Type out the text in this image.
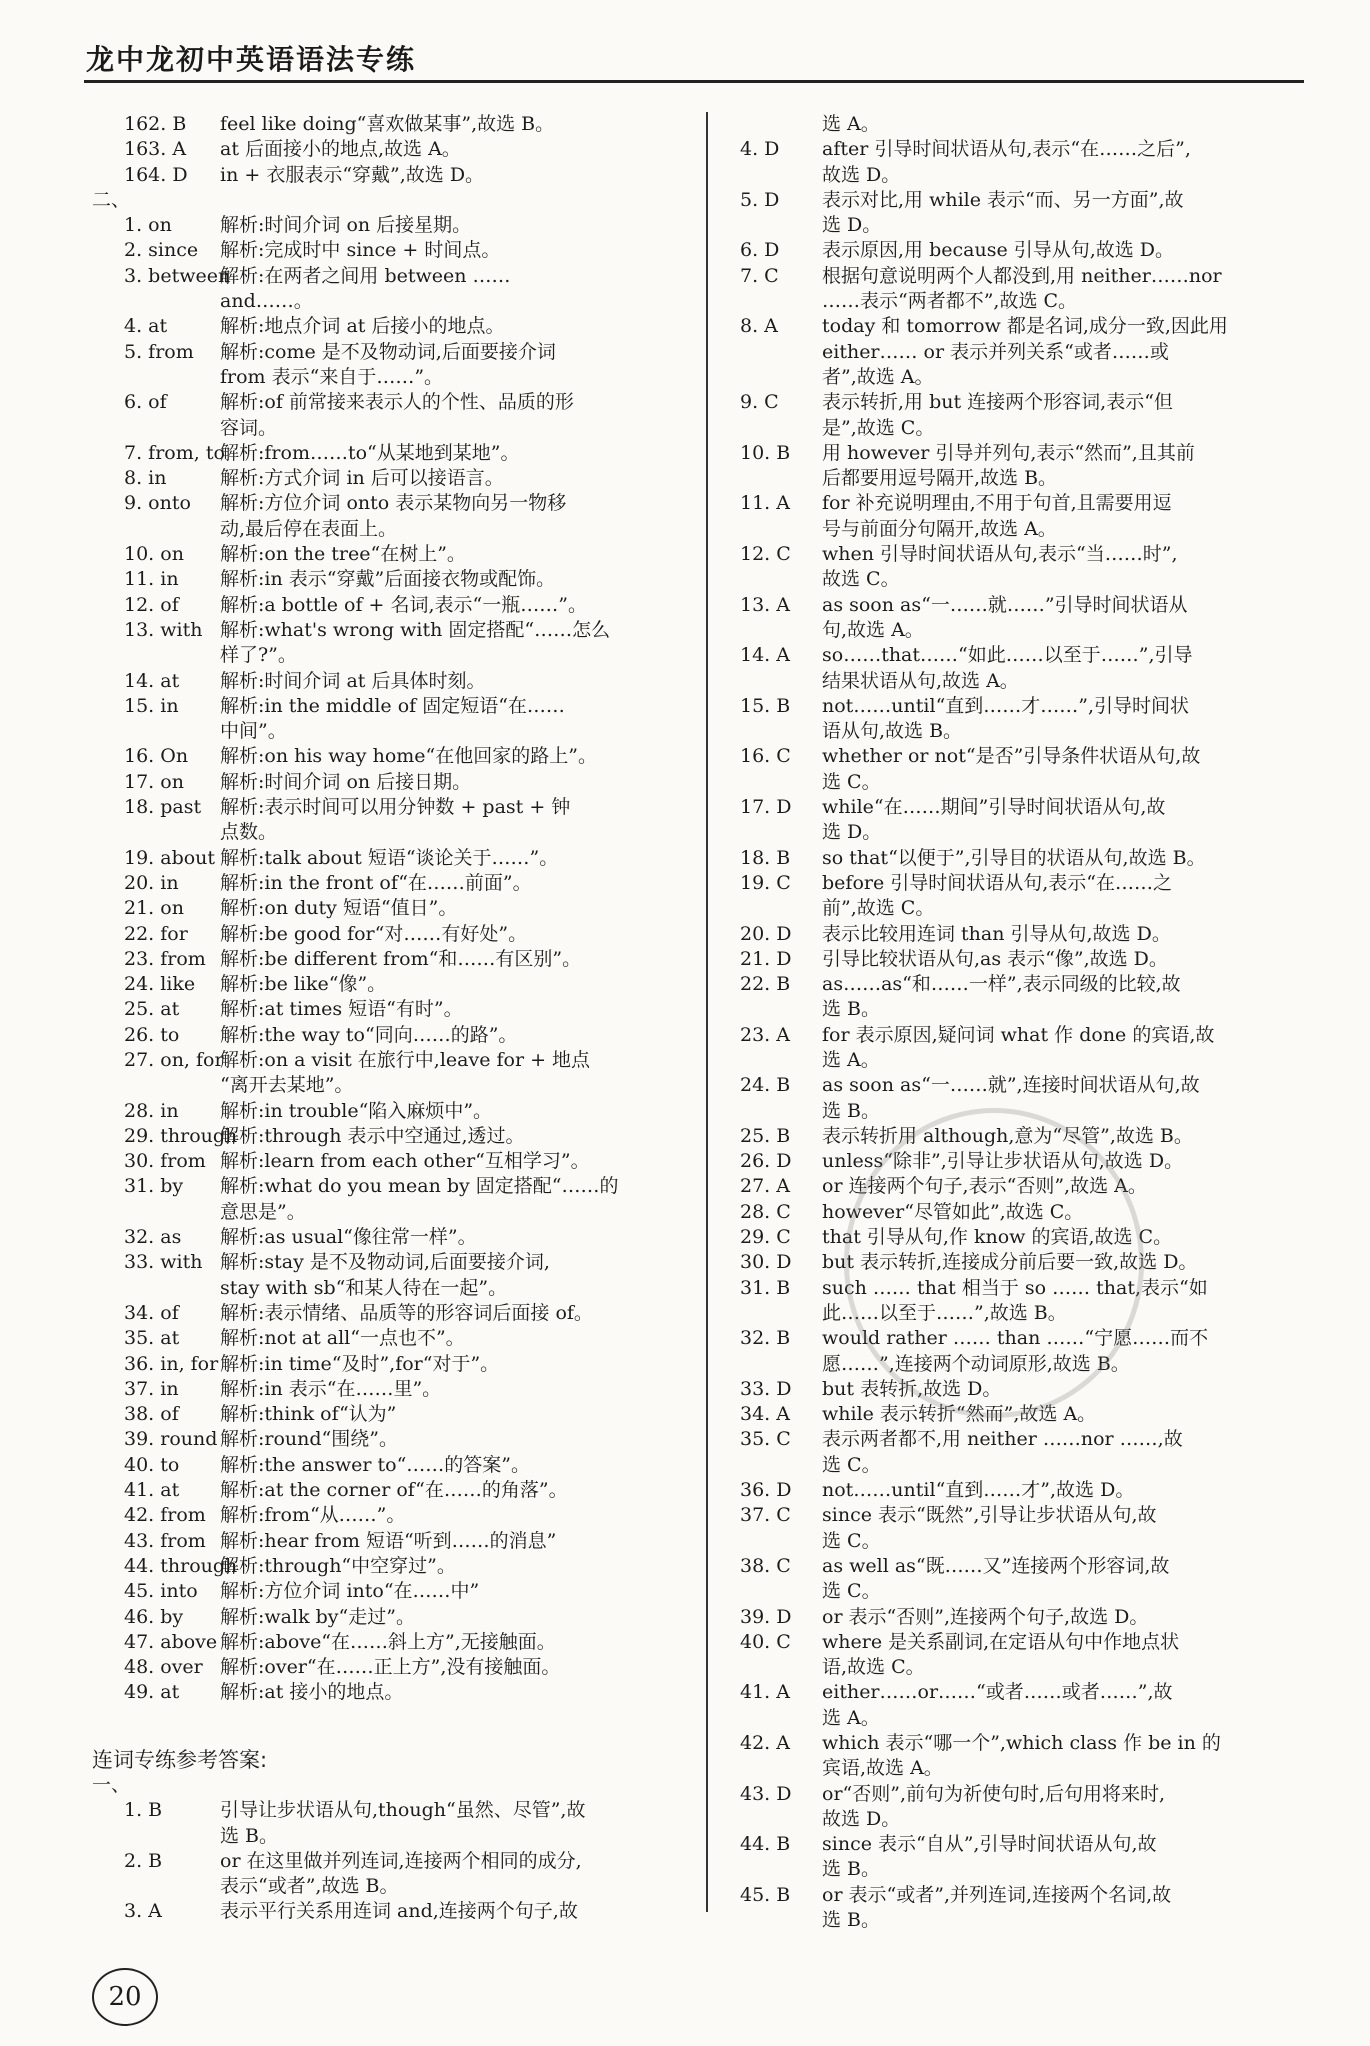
龙中龙初中英语语法专练
162. B feel like doing“喜欢做某事”,故选 B。
163. A at 后面接小的地点,故选 A。
164. D in + 衣服表示“穿戴”,故选 D。
二、
1. on	解析:时间介词 on 后接星期。
2. since 解析:完成时中 since + 时间点。
3. between解析:在两者之间用 between ……
and……。
4. at	解析:地点介词 at 后接小的地点。
5. from 解析:come 是不及物动词,后面要接介词
from 表示“来自于……”。
6. of	解析:of 前常接来表示人的个性、品质的形
容词。
7. from, to解析:from……to“从某地到某地”。
8. in	解析:方式介词 in 后可以接语言。
9. onto 解析:方位介词 onto 表示某物向另一物移
动,最后停在表面上。
10. on 解析:on the tree“在树上”。
11. in 解析:in 表示“穿戴”后面接衣物或配饰。
12. of 解析:a bottle of + 名词,表示“一瓶……”。
13. with 解析:what's wrong with 固定搭配“……怎么
样了?”。
14. at 解析:时间介词 at 后具体时刻。
15. in 解析:in the middle of 固定短语“在……
中间”。
16. On 解析:on his way home“在他回家的路上”。
17. on 解析:时间介词 on 后接日期。
18. past 解析:表示时间可以用分钟数 + past + 钟
点数。
19. about 解析:talk about 短语“谈论关于……”。
20. in 解析:in the front of“在……前面”。
21. on 解析:on duty 短语“值日”。
22. for 解析:be good for“对……有好处”。
23. from 解析:be different from“和……有区别”。
24. like 解析:be like“像”。
25. at 解析:at times 短语“有时”。
26. to 解析:the way to“同向……的路”。
27. on, for解析:on a visit 在旅行中,leave for + 地点
“离开去某地”。
28. in 解析:in trouble“陷入麻烦中”。
29. through解析:through 表示中空通过,透过。
30. from 解析:learn from each other“互相学习”。
31. by 解析:what do you mean by 固定搭配“……的
意思是”。
32. as 解析:as usual“像往常一样”。
33. with 解析:stay 是不及物动词,后面要接介词,
stay with sb“和某人待在一起”。
34. of 解析:表示情绪、品质等的形容词后面接 of。
35. at 解析:not at all“一点也不”。
36. in, for解析:in time“及时”,for“对于”。
37. in 解析:in 表示“在……里”。
38. of 解析:think of“认为”
39. round 解析:round“围绕”。
40. to 解析:the answer to“……的答案”。
41. at 解析:at the corner of“在……的角落”。
42. from 解析:from“从……”。
43. from 解析:hear from 短语“听到……的消息”
44. through解析:through“中空穿过”。
45. into 解析:方位介词 into“在……中”
46. by 解析:walk by“走过”。
47. above 解析:above“在……斜上方”,无接触面。
48. over 解析:over“在……正上方”,没有接触面。
49. at 解析:at 接小的地点。
连词专练参考答案:
一、
1. B	引导让步状语从句,though“虽然、尽管”,故
选 B。
2. B	or 在这里做并列连词,连接两个相同的成分,
表示“或者”,故选 B。
3. A	表示平行关系用连词 and,连接两个句子,故
选 A。
4. D after 引导时间状语从句,表示“在……之后”,
故选 D。
5. D 表示对比,用 while 表示“而、另一方面”,故
选 D。
6. D 表示原因,用 because 引导从句,故选 D。
7. C 根据句意说明两个人都没到,用 neither……nor
……表示“两者都不”,故选 C。
8. A today 和 tomorrow 都是名词,成分一致,因此用
either…… or 表示并列关系“或者……或
者”,故选 A。
9. C 表示转折,用 but 连接两个形容词,表示“但
是”,故选 C。
10. B 用 however 引导并列句,表示“然而”,且其前
后都要用逗号隔开,故选 B。
11. A for 补充说明理由,不用于句首,且需要用逗
号与前面分句隔开,故选 A。
12. C when 引导时间状语从句,表示“当……时”,
故选 C。
13. A as soon as“一……就……”引导时间状语从
句,故选 A。
14. A so……that……“如此……以至于……”,引导
结果状语从句,故选 A。
15. B not……until“直到……才……”,引导时间状
语从句,故选 B。
16. C whether or not“是否”引导条件状语从句,故
选 C。
17. D while“在……期间”引导时间状语从句,故
选 D。
18. B so that“以便于”,引导目的状语从句,故选 B。
19. C before 引导时间状语从句,表示“在……之
前”,故选 C。
20. D 表示比较用连词 than 引导从句,故选 D。
21. D 引导比较状语从句,as 表示“像”,故选 D。
22. B as……as“和……一样”,表示同级的比较,故
选 B。
23. A for 表示原因,疑问词 what 作 done 的宾语,故
选 A。
24. B as soon as“一……就”,连接时间状语从句,故
选 B。
25. B 表示转折用 although,意为“尽管”,故选 B。
26. D unless“除非”,引导让步状语从句,故选 D。
27. A or 连接两个句子,表示“否则”,故选 A。
28. C however“尽管如此”,故选 C。
29. C that 引导从句,作 know 的宾语,故选 C。
30. D but 表示转折,连接成分前后要一致,故选 D。
31. B such …… that 相当于 so …… that,表示“如
此……以至于……”,故选 B。
32. B would rather …… than ……“宁愿……而不
愿……”,连接两个动词原形,故选 B。
33. D but 表转折,故选 D。
34. A while 表示转折“然而”,故选 A。
35. C 表示两者都不,用 neither ……nor ……,故
选 C。
36. D not……until“直到……才”,故选 D。
37. C since 表示“既然”,引导让步状语从句,故
选 C。
38. C as well as“既……又”连接两个形容词,故
选 C。
39. D or 表示“否则”,连接两个句子,故选 D。
40. C where 是关系副词,在定语从句中作地点状
语,故选 C。
41. A either……or……“或者……或者……”,故
选 A。
42. A which 表示“哪一个”,which class 作 be in 的
宾语,故选 A。
43. D or“否则”,前句为祈使句时,后句用将来时,
故选 D。
44. B since 表示“自从”,引导时间状语从句,故
选 B。
45. B or 表示“或者”,并列连词,连接两个名词,故
选 B。
20
